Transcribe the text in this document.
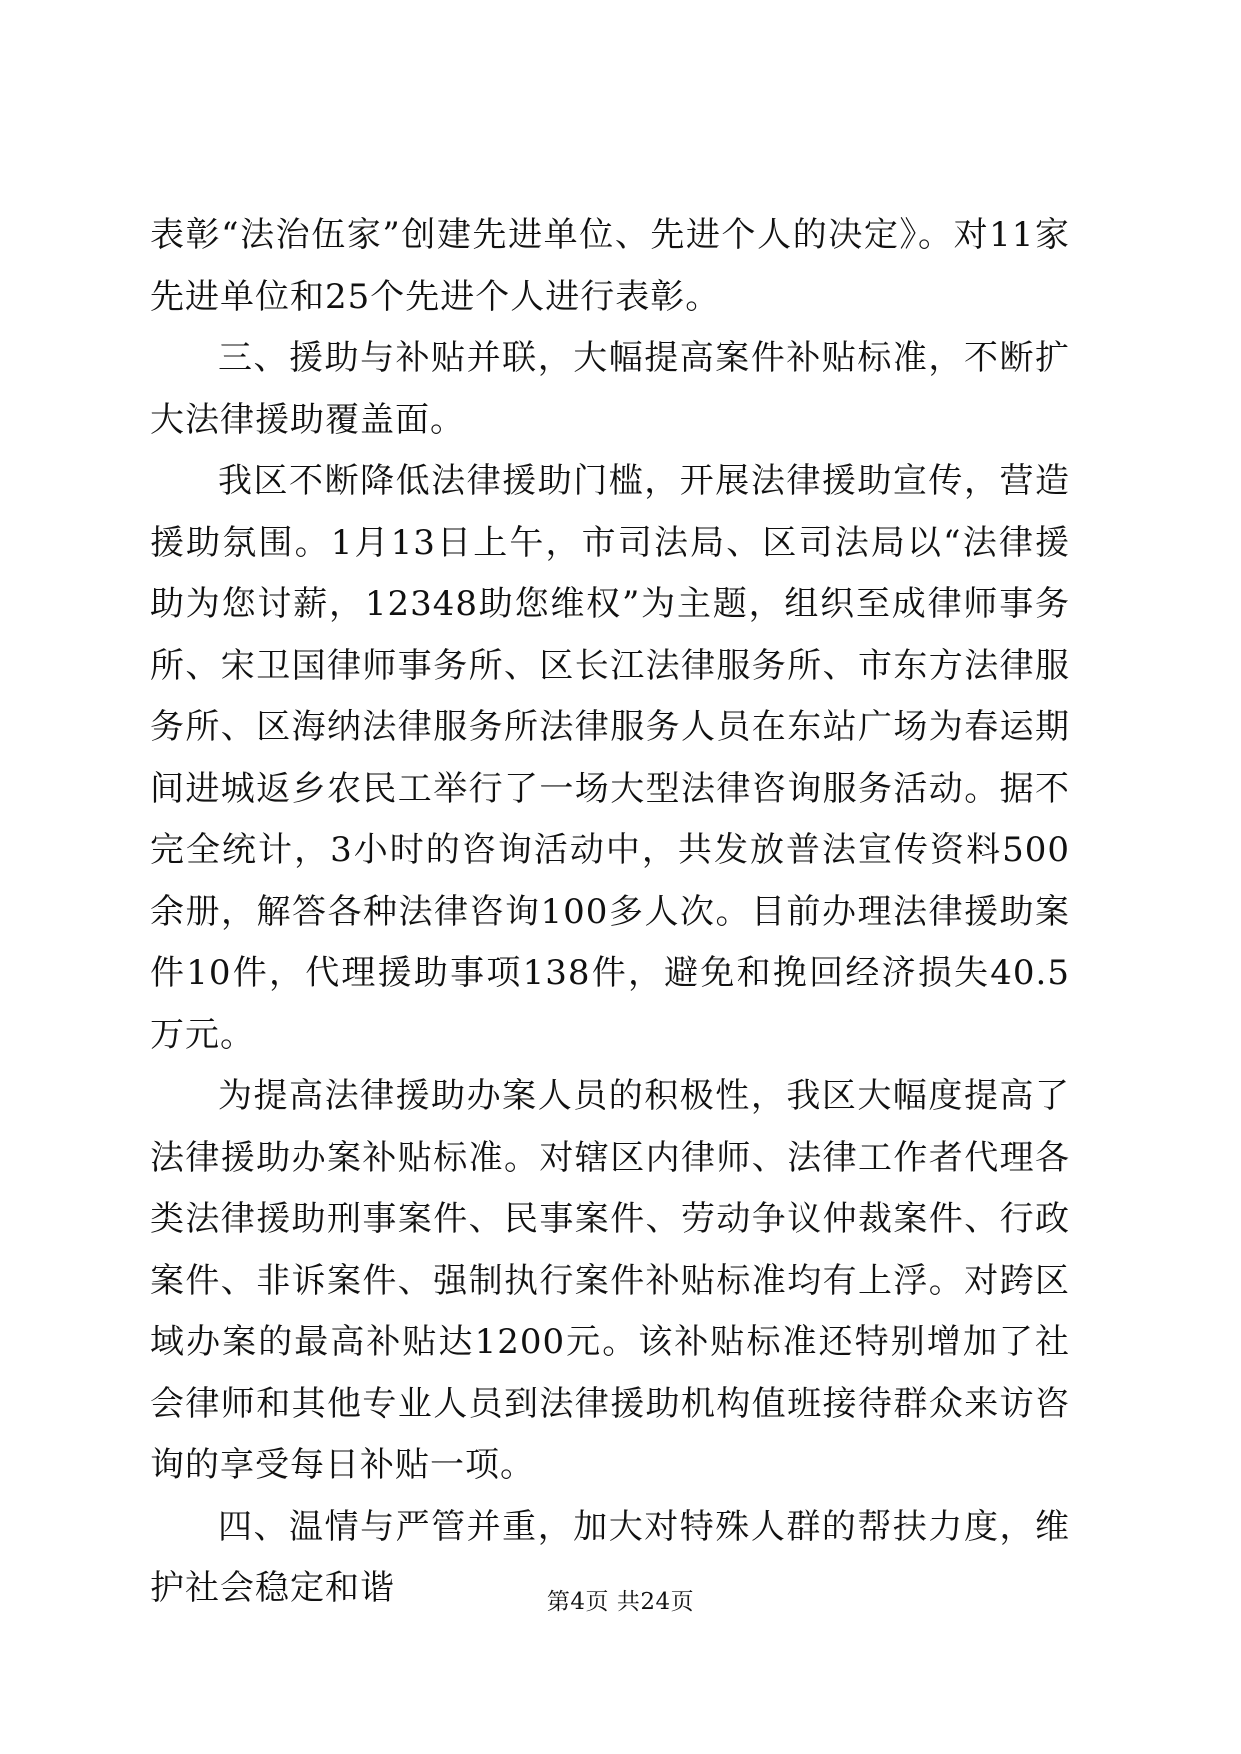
表彰“法治伍家”创建先进单位、先进个人的决定》。对11家先进单位和25个先进个人进行表彰。

三、援助与补贴并联，大幅提高案件补贴标准，不断扩大法律援助覆盖面。

我区不断降低法律援助门槛，开展法律援助宣传，营造援助氛围。1月13日上午，市司法局、区司法局以“法律援助为您讨薪，12348助您维权”为主题，组织至成律师事务所、宋卫国律师事务所、区长江法律服务所、市东方法律服务所、区海纳法律服务所法律服务人员在东站广场为春运期间进城返乡农民工举行了一场大型法律咨询服务活动。据不完全统计，3小时的咨询活动中，共发放普法宣传资料500余册，解答各种法律咨询100多人次。目前办理法律援助案件10件，代理援助事项138件，避免和挽回经济损失40.5万元。

为提高法律援助办案人员的积极性，我区大幅度提高了法律援助办案补贴标准。对辖区内律师、法律工作者代理各类法律援助刑事案件、民事案件、劳动争议仲裁案件、行政案件、非诉案件、强制执行案件补贴标准均有上浮。对跨区域办案的最高补贴达1200元。该补贴标准还特别增加了社会律师和其他专业人员到法律援助机构值班接待群众来访咨询的享受每日补贴一项。

四、温情与严管并重，加大对特殊人群的帮扶力度，维护社会稳定和谐	第4页 共24页
